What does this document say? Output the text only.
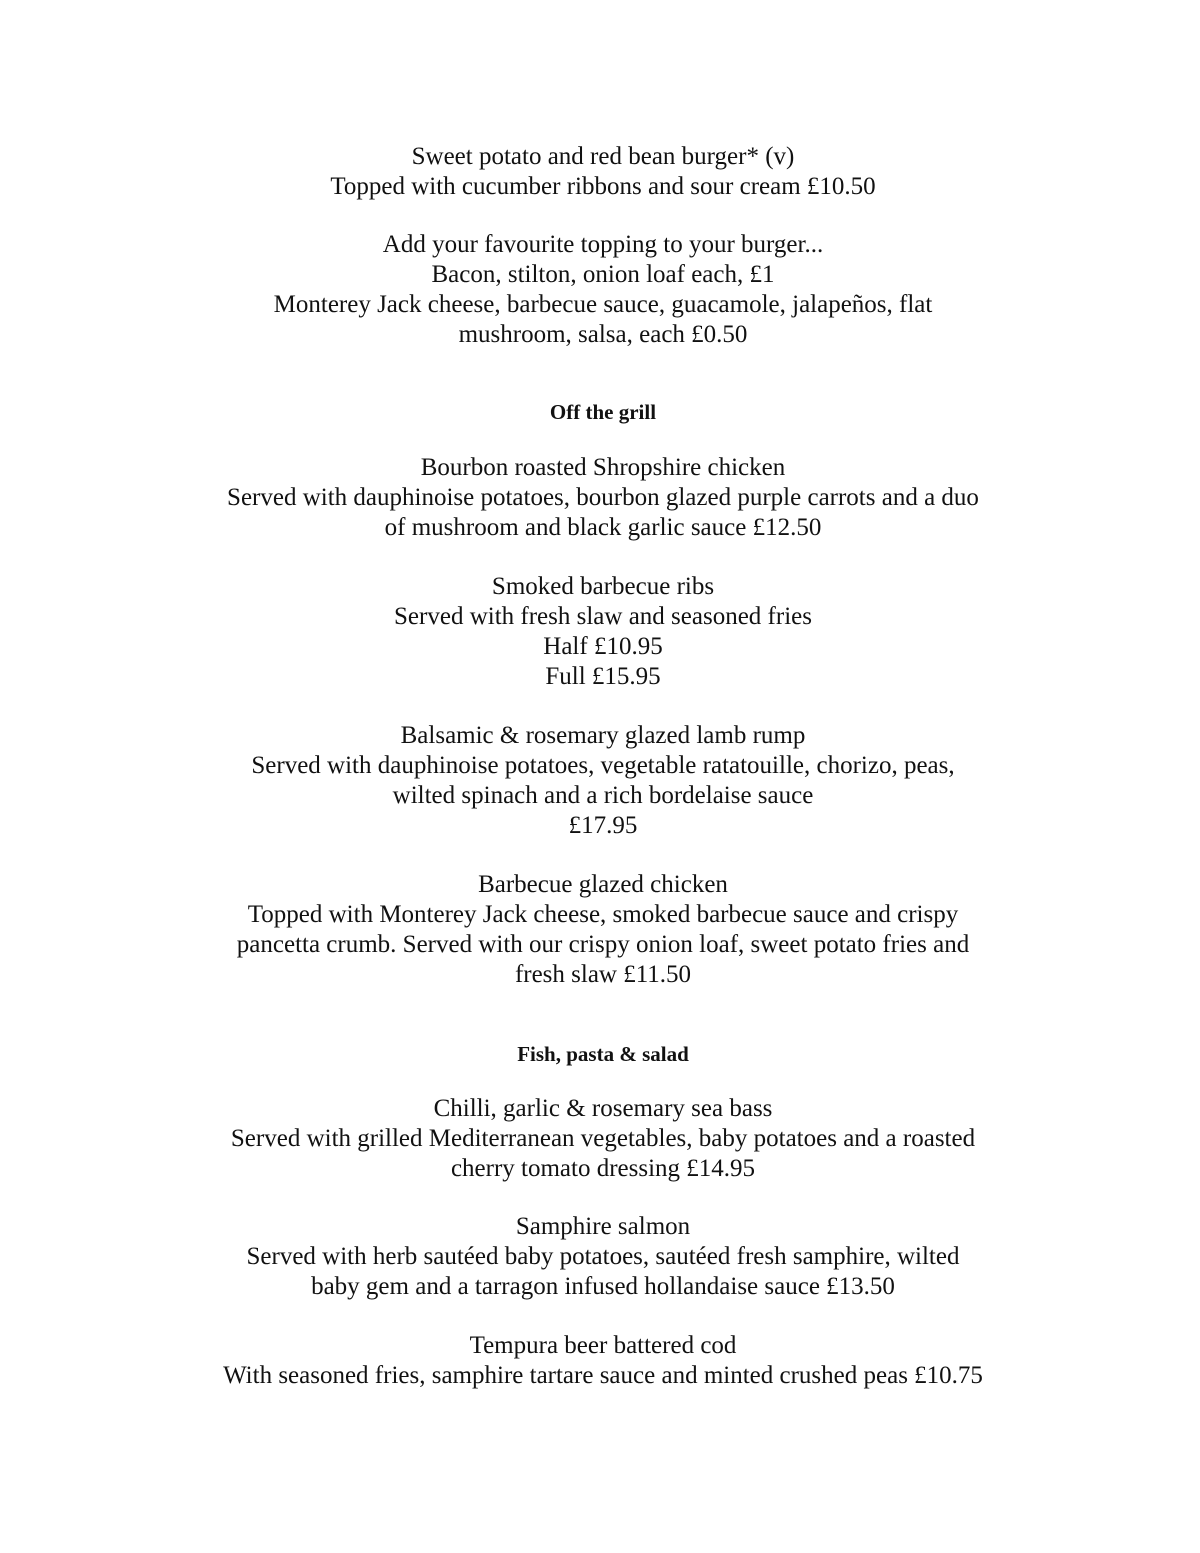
Sweet potato and red bean burger* (v)
Topped with cucumber ribbons and sour cream £10.50
Add your favourite topping to your burger...
Bacon, stilton, onion loaf each, £1
Monterey Jack cheese, barbecue sauce, guacamole, jalapeños, flat
mushroom, salsa, each £0.50
Off the grill
Bourbon roasted Shropshire chicken
Served with dauphinoise potatoes, bourbon glazed purple carrots and a duo
of mushroom and black garlic sauce £12.50
Smoked barbecue ribs
Served with fresh slaw and seasoned fries
Half £10.95
Full £15.95
Balsamic & rosemary glazed lamb rump
Served with dauphinoise potatoes, vegetable ratatouille, chorizo, peas,
wilted spinach and a rich bordelaise sauce
£17.95
Barbecue glazed chicken
Topped with Monterey Jack cheese, smoked barbecue sauce and crispy
pancetta crumb. Served with our crispy onion loaf, sweet potato fries and
fresh slaw £11.50
Fish, pasta & salad
Chilli, garlic & rosemary sea bass
Served with grilled Mediterranean vegetables, baby potatoes and a roasted
cherry tomato dressing £14.95
Samphire salmon
Served with herb sautéed baby potatoes, sautéed fresh samphire, wilted
baby gem and a tarragon infused hollandaise sauce £13.50
Tempura beer battered cod
With seasoned fries, samphire tartare sauce and minted crushed peas £10.75
